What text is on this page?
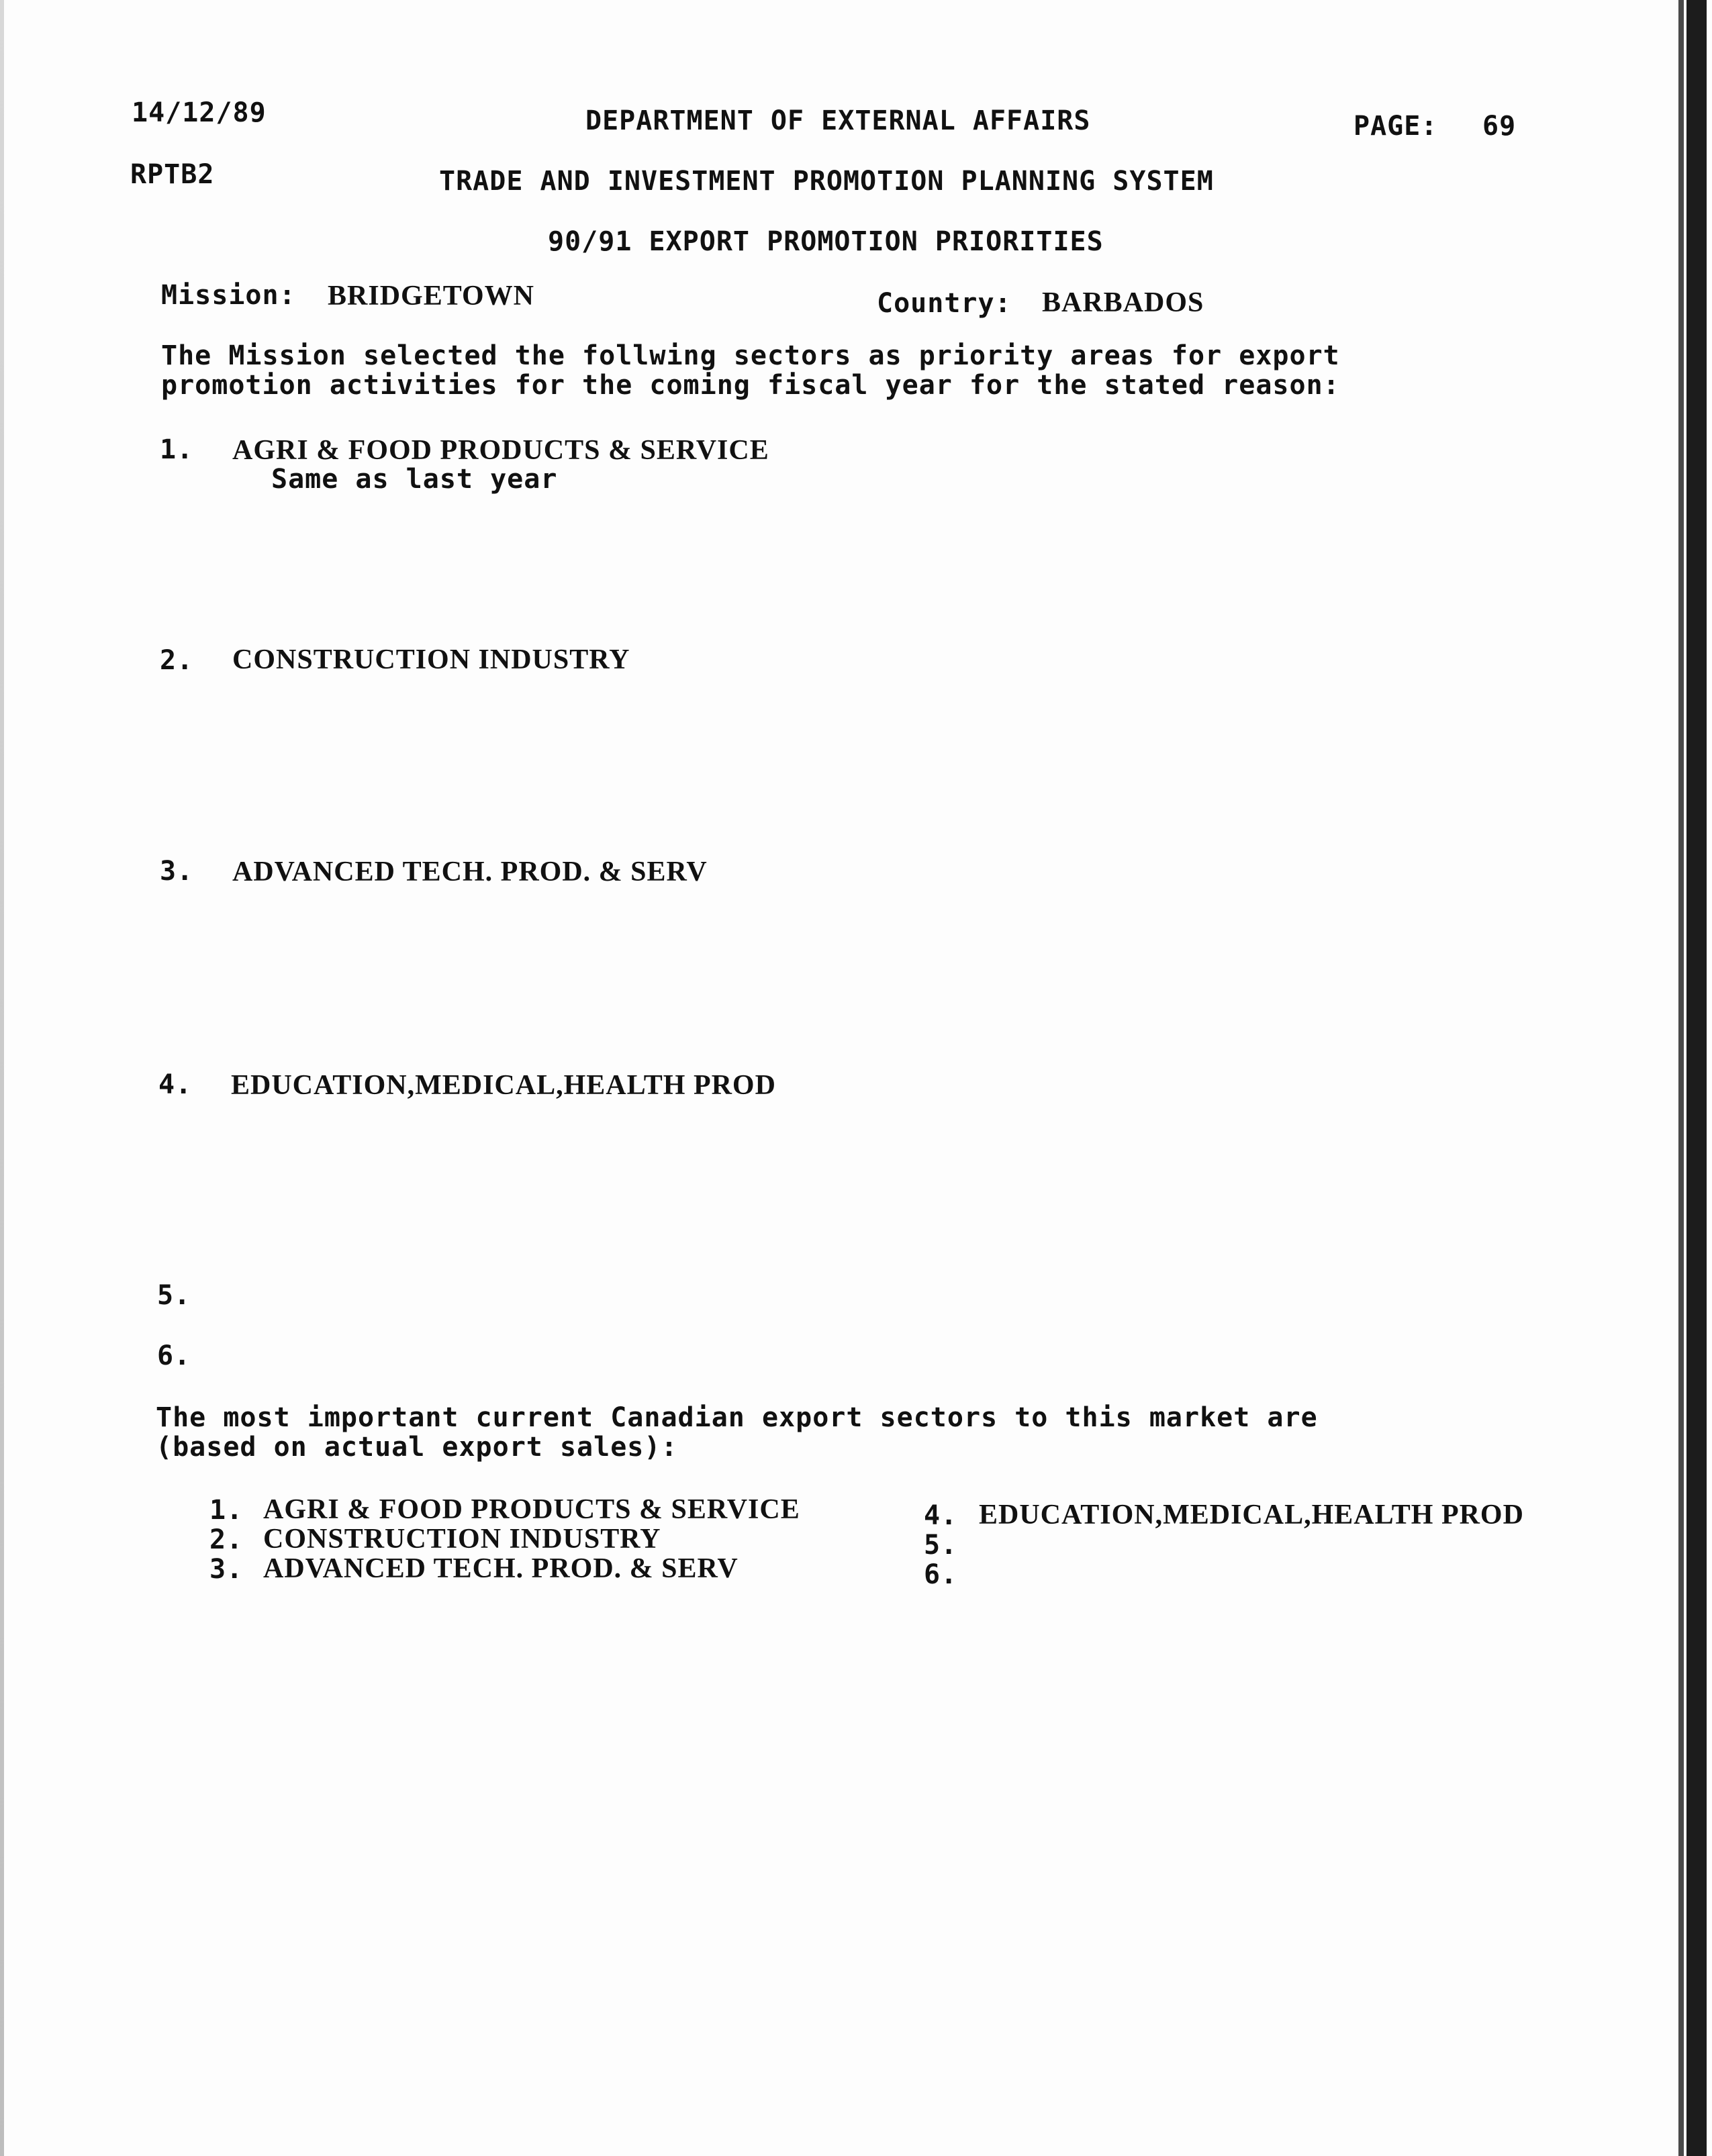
14/12/89	DEPARTMENT OF EXTERNAL AFFAIRS	PAGE: 69
RPTB2	TRADE AND INVESTMENT PROMOTION PLANNING SYSTEM
90/91 EXPORT PROMOTION PRIORITIES
Mission: BRIDGETOWN	Country: BARBADOS
The Mission selected the follwing sectors as priority areas for export
promotion activities for the coming fiscal year for the stated reason:
1. AGRI & FOOD PRODUCTS & SERVICE
Same as last year
2. CONSTRUCTION INDUSTRY
3. ADVANCED TECH. PROD. & SERV
4. EDUCATION,MEDICAL,HEALTH PROD
5.
6.
The most important current Canadian export sectors to this market are
(based on actual export sales):
1. AGRI & FOOD PRODUCTS & SERVICE
2. CONSTRUCTION INDUSTRY
3. ADVANCED TECH. PROD. & SERV
4. EDUCATION,MEDICAL,HEALTH PROD
5.
6.
